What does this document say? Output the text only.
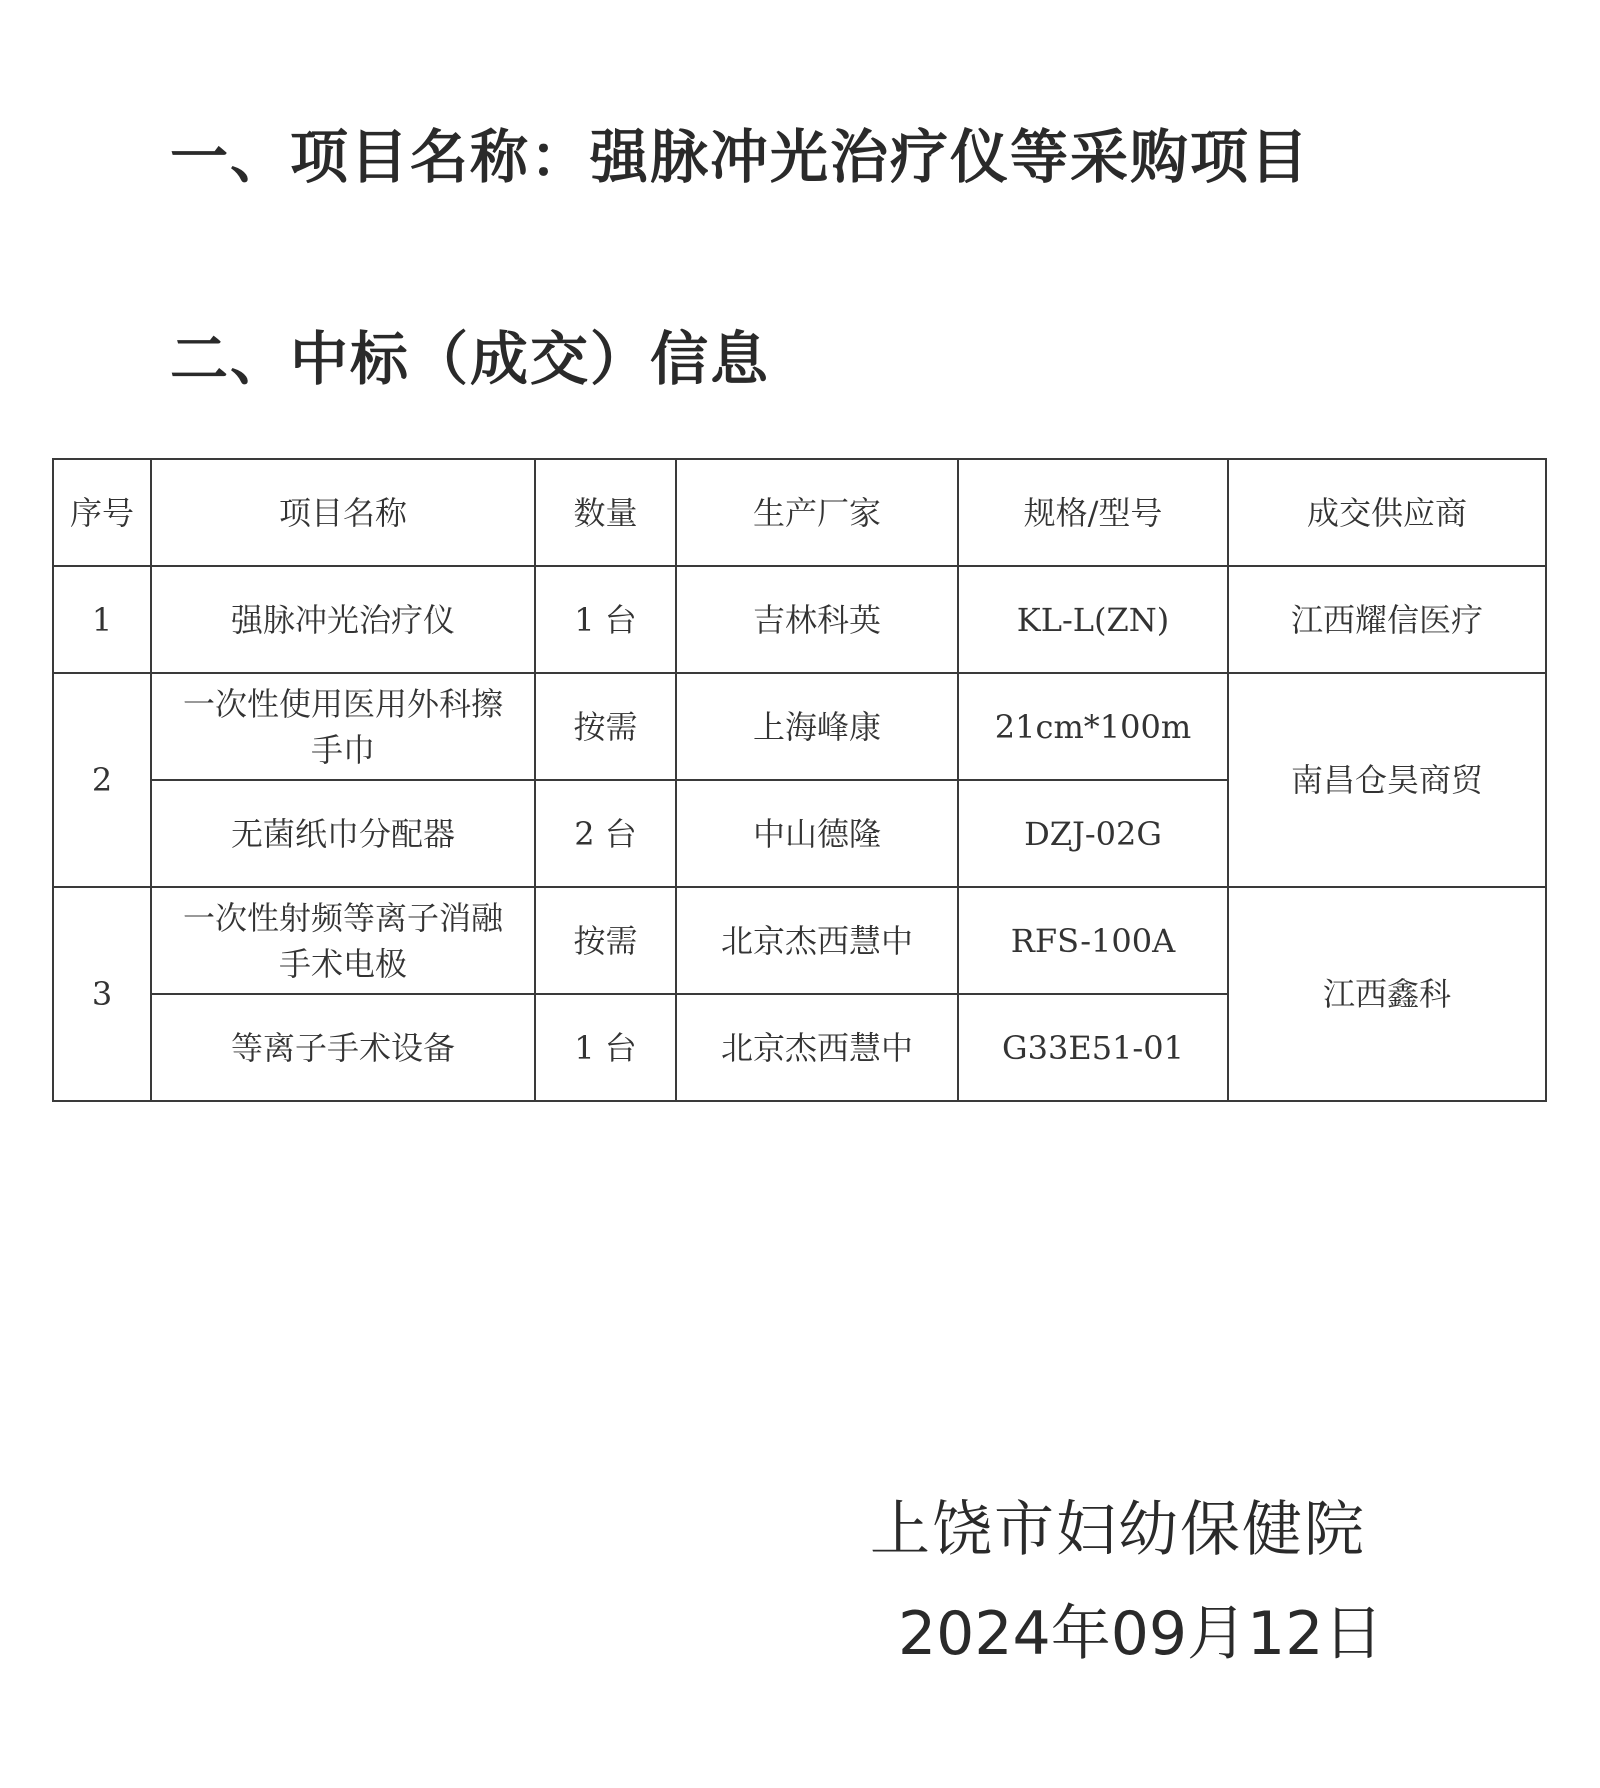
一、项目名称：强脉冲光治疗仪等采购项目
二、中标（成交）信息
序号	项目名称	数量	生产厂家	规格/型号	成交供应商
1	强脉冲光治疗仪	1 台	吉林科英	KL-L(ZN)	江西耀信医疗
2	一次性使用医用外科擦手巾	按需	上海峰康	21cm*100m	南昌仓昊商贸
	无菌纸巾分配器	2 台	中山德隆	DZJ-02G	
3	一次性射频等离子消融手术电极	按需	北京杰西慧中	RFS-100A	江西鑫科
	等离子手术设备	1 台	北京杰西慧中	G33E51-01	
上饶市妇幼保健院
2024年09月12日
